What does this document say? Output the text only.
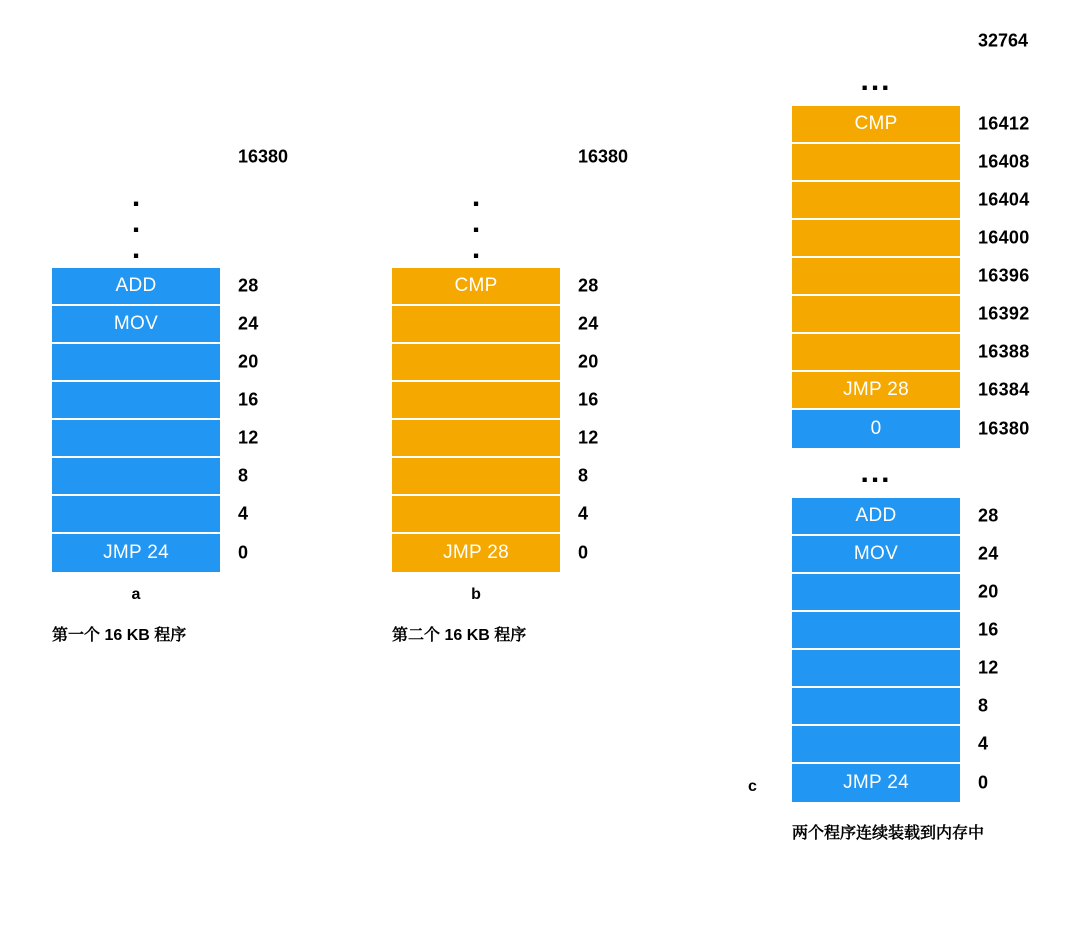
0	16380
.
.
.
ADD	28
MOV	24
20
16
12
8
4
JMP 24	0
a
第一个 16 KB 程序
0	16380
.
.
.
CMP	28
24
20
16
12
8
4
JMP 28	0
b
第二个 16 KB 程序
0	32764
...
CMP	16412
16408
16404
16400
16396
16392
16388
JMP 28	16384
0	16380
...
ADD	28
MOV	24
20
16
12
8
4
JMP 24	0
两个程序连续装载到内存中
c
